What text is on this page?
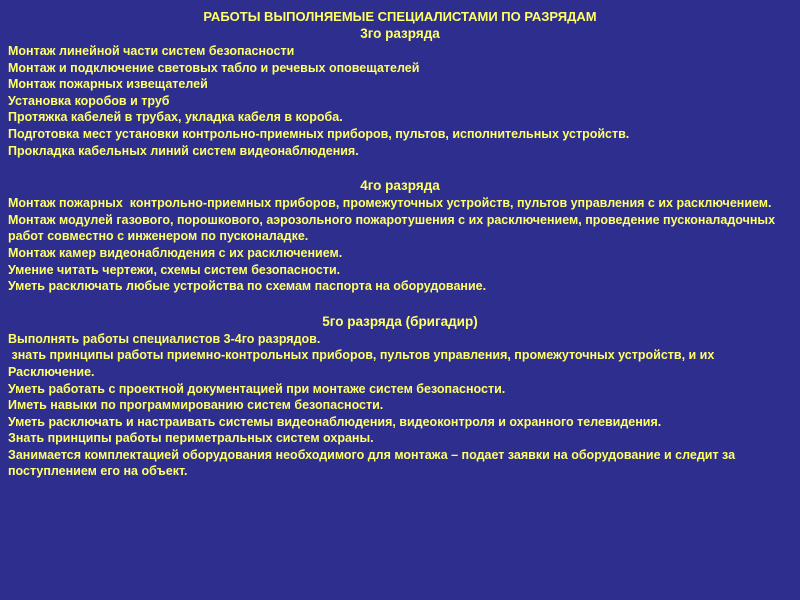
РАБОТЫ ВЫПОЛНЯЕМЫЕ СПЕЦИАЛИСТАМИ ПО РАЗРЯДАМ

3го разряда

Монтаж линейной части систем безопасности

Монтаж и подключение световых табло и речевых оповещателей

Монтаж пожарных извещателей

Установка коробов и труб

Протяжка кабелей в трубах, укладка кабеля в короба.

Подготовка мест установки контрольно-приемных приборов, пультов, исполнительных устройств.

Прокладка кабельных линий систем видеонаблюдения.

4го разряда

Монтаж пожарных  контрольно-приемных приборов, промежуточных устройств, пультов управления с их расключением.

Монтаж модулей газового, порошкового, аэрозольного пожаротушения с их расключением, проведение пусконаладочных работ совместно с инженером по пусконаладке.

Монтаж камер видеонаблюдения с их расключением.

Умение читать чертежи, схемы систем безопасности.

Уметь расключать любые устройства по схемам паспорта на оборудование.

5го разряда (бригадир)

Выполнять работы специалистов 3-4го разрядов.

знать принципы работы приемно-контрольных приборов, пультов управления, промежуточных устройств, и их Расключение.

Уметь работать с проектной документацией при монтаже систем безопасности.

Иметь навыки по программированию систем безопасности.

Уметь расключать и настраивать системы видеонаблюдения, видеоконтроля и охранного телевидения.

Знать принципы работы периметральных систем охраны.

Занимается комплектацией оборудования необходимого для монтажа – подает заявки на оборудование и следит за поступлением его на объект.
